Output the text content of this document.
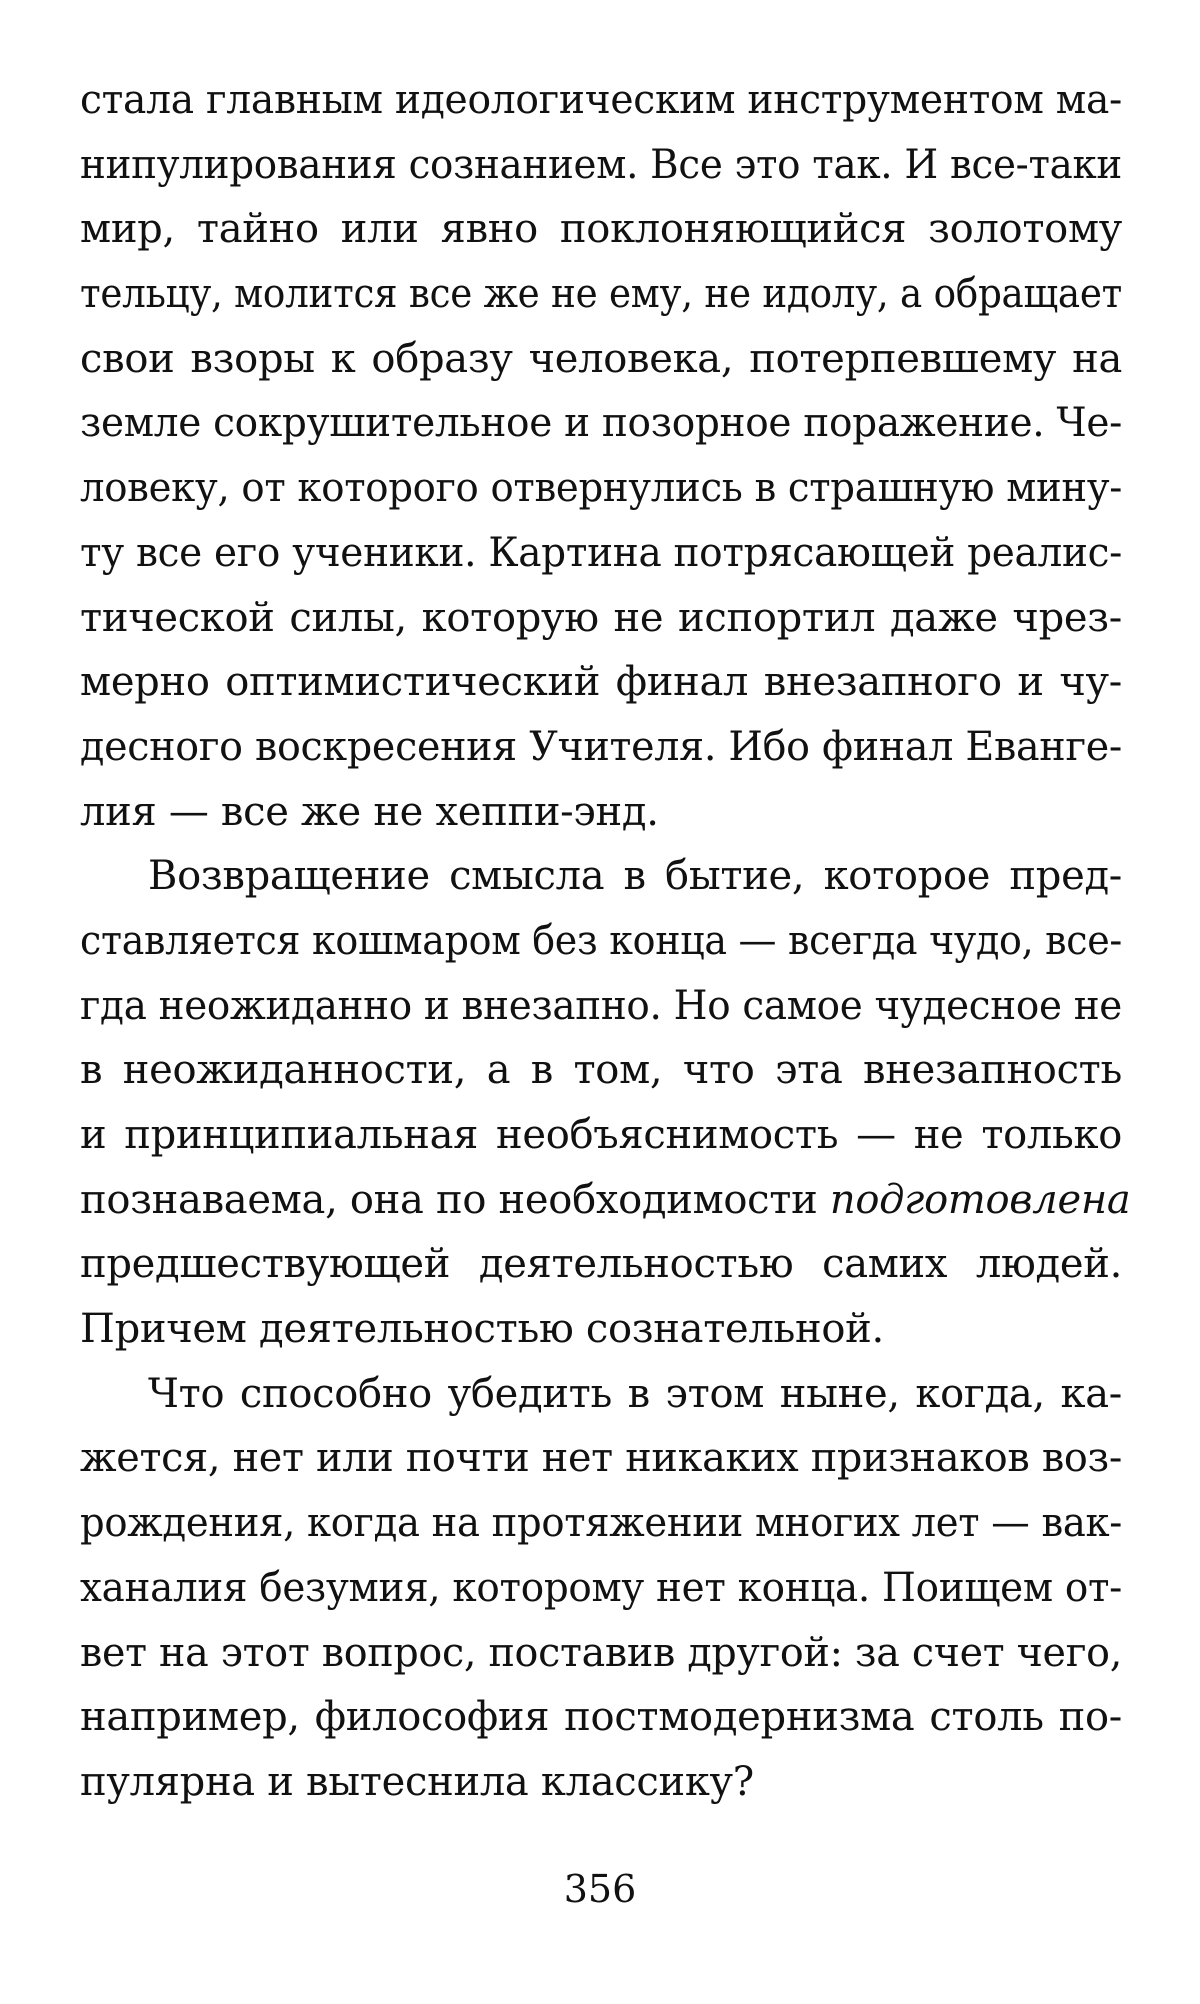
стала главным идеологическим инструментом ма-
нипулирования сознанием. Все это так. И все-таки
мир, тайно или явно поклоняющийся золотому
тельцу, молится все же не ему, не идолу, а обращает
свои взоры к образу человека, потерпевшему на
земле сокрушительное и позорное поражение. Че-
ловеку, от которого отвернулись в страшную мину-
ту все его ученики. Картина потрясающей реалис-
тической силы, которую не испортил даже чрез-
мерно оптимистический финал внезапного и чу-
десного воскресения Учителя. Ибо финал Еванге-
лия — все же не хеппи-энд.
Возвращение смысла в бытие, которое пред-
ставляется кошмаром без конца — всегда чудо, все-
гда неожиданно и внезапно. Но самое чудесное не
в неожиданности, а в том, что эта внезапность
и принципиальная необъяснимость — не только
познаваема, она по необходимости подготовлена
предшествующей деятельностью самих людей.
Причем деятельностью сознательной.
Что способно убедить в этом ныне, когда, ка-
жется, нет или почти нет никаких признаков воз-
рождения, когда на протяжении многих лет — вак-
ханалия безумия, которому нет конца. Поищем от-
вет на этот вопрос, поставив другой: за счет чего,
например, философия постмодернизма столь по-
пулярна и вытеснила классику?
356
